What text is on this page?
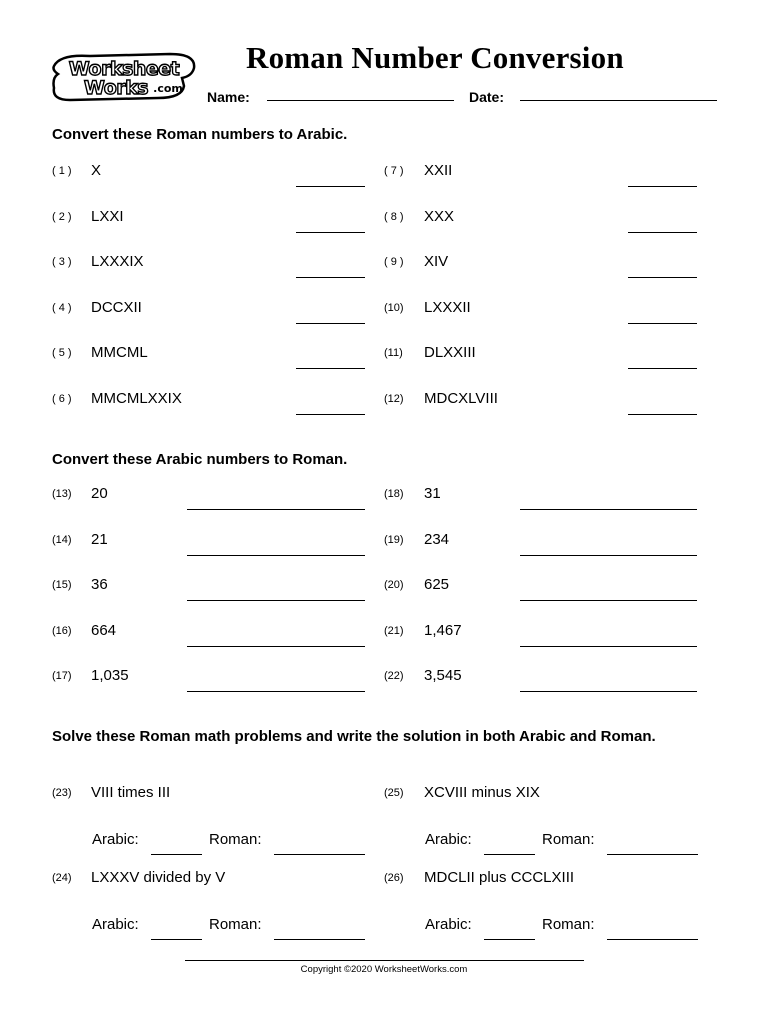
Worksheet
Works .com
Roman Number Conversion
Name:	Date:
Convert these Roman numbers to Arabic.
( 1 ) X
( 2 ) LXXI
( 3 ) LXXXIX
( 4 ) DCCXII
( 5 ) MMCML
( 6 ) MMCMLXXIX
( 7 ) XXII
( 8 ) XXX
( 9 ) XIV
(10) LXXXII
(11) DLXXIII
(12) MDCXLVIII
Convert these Arabic numbers to Roman.
(13) 20
(14) 21
(15) 36
(16) 664
(17) 1,035
(18) 31
(19) 234
(20) 625
(21) 1,467
(22) 3,545
Solve these Roman math problems and write the solution in both Arabic and Roman.
(23) VIII times III
Arabic:	Roman:
(24) LXXXV divided by V
Arabic:	Roman:
(25) XCVIII minus XIX
Arabic:	Roman:
(26) MDCLII plus CCCLXIII
Arabic:	Roman:
Copyright ©2020 WorksheetWorks.com
